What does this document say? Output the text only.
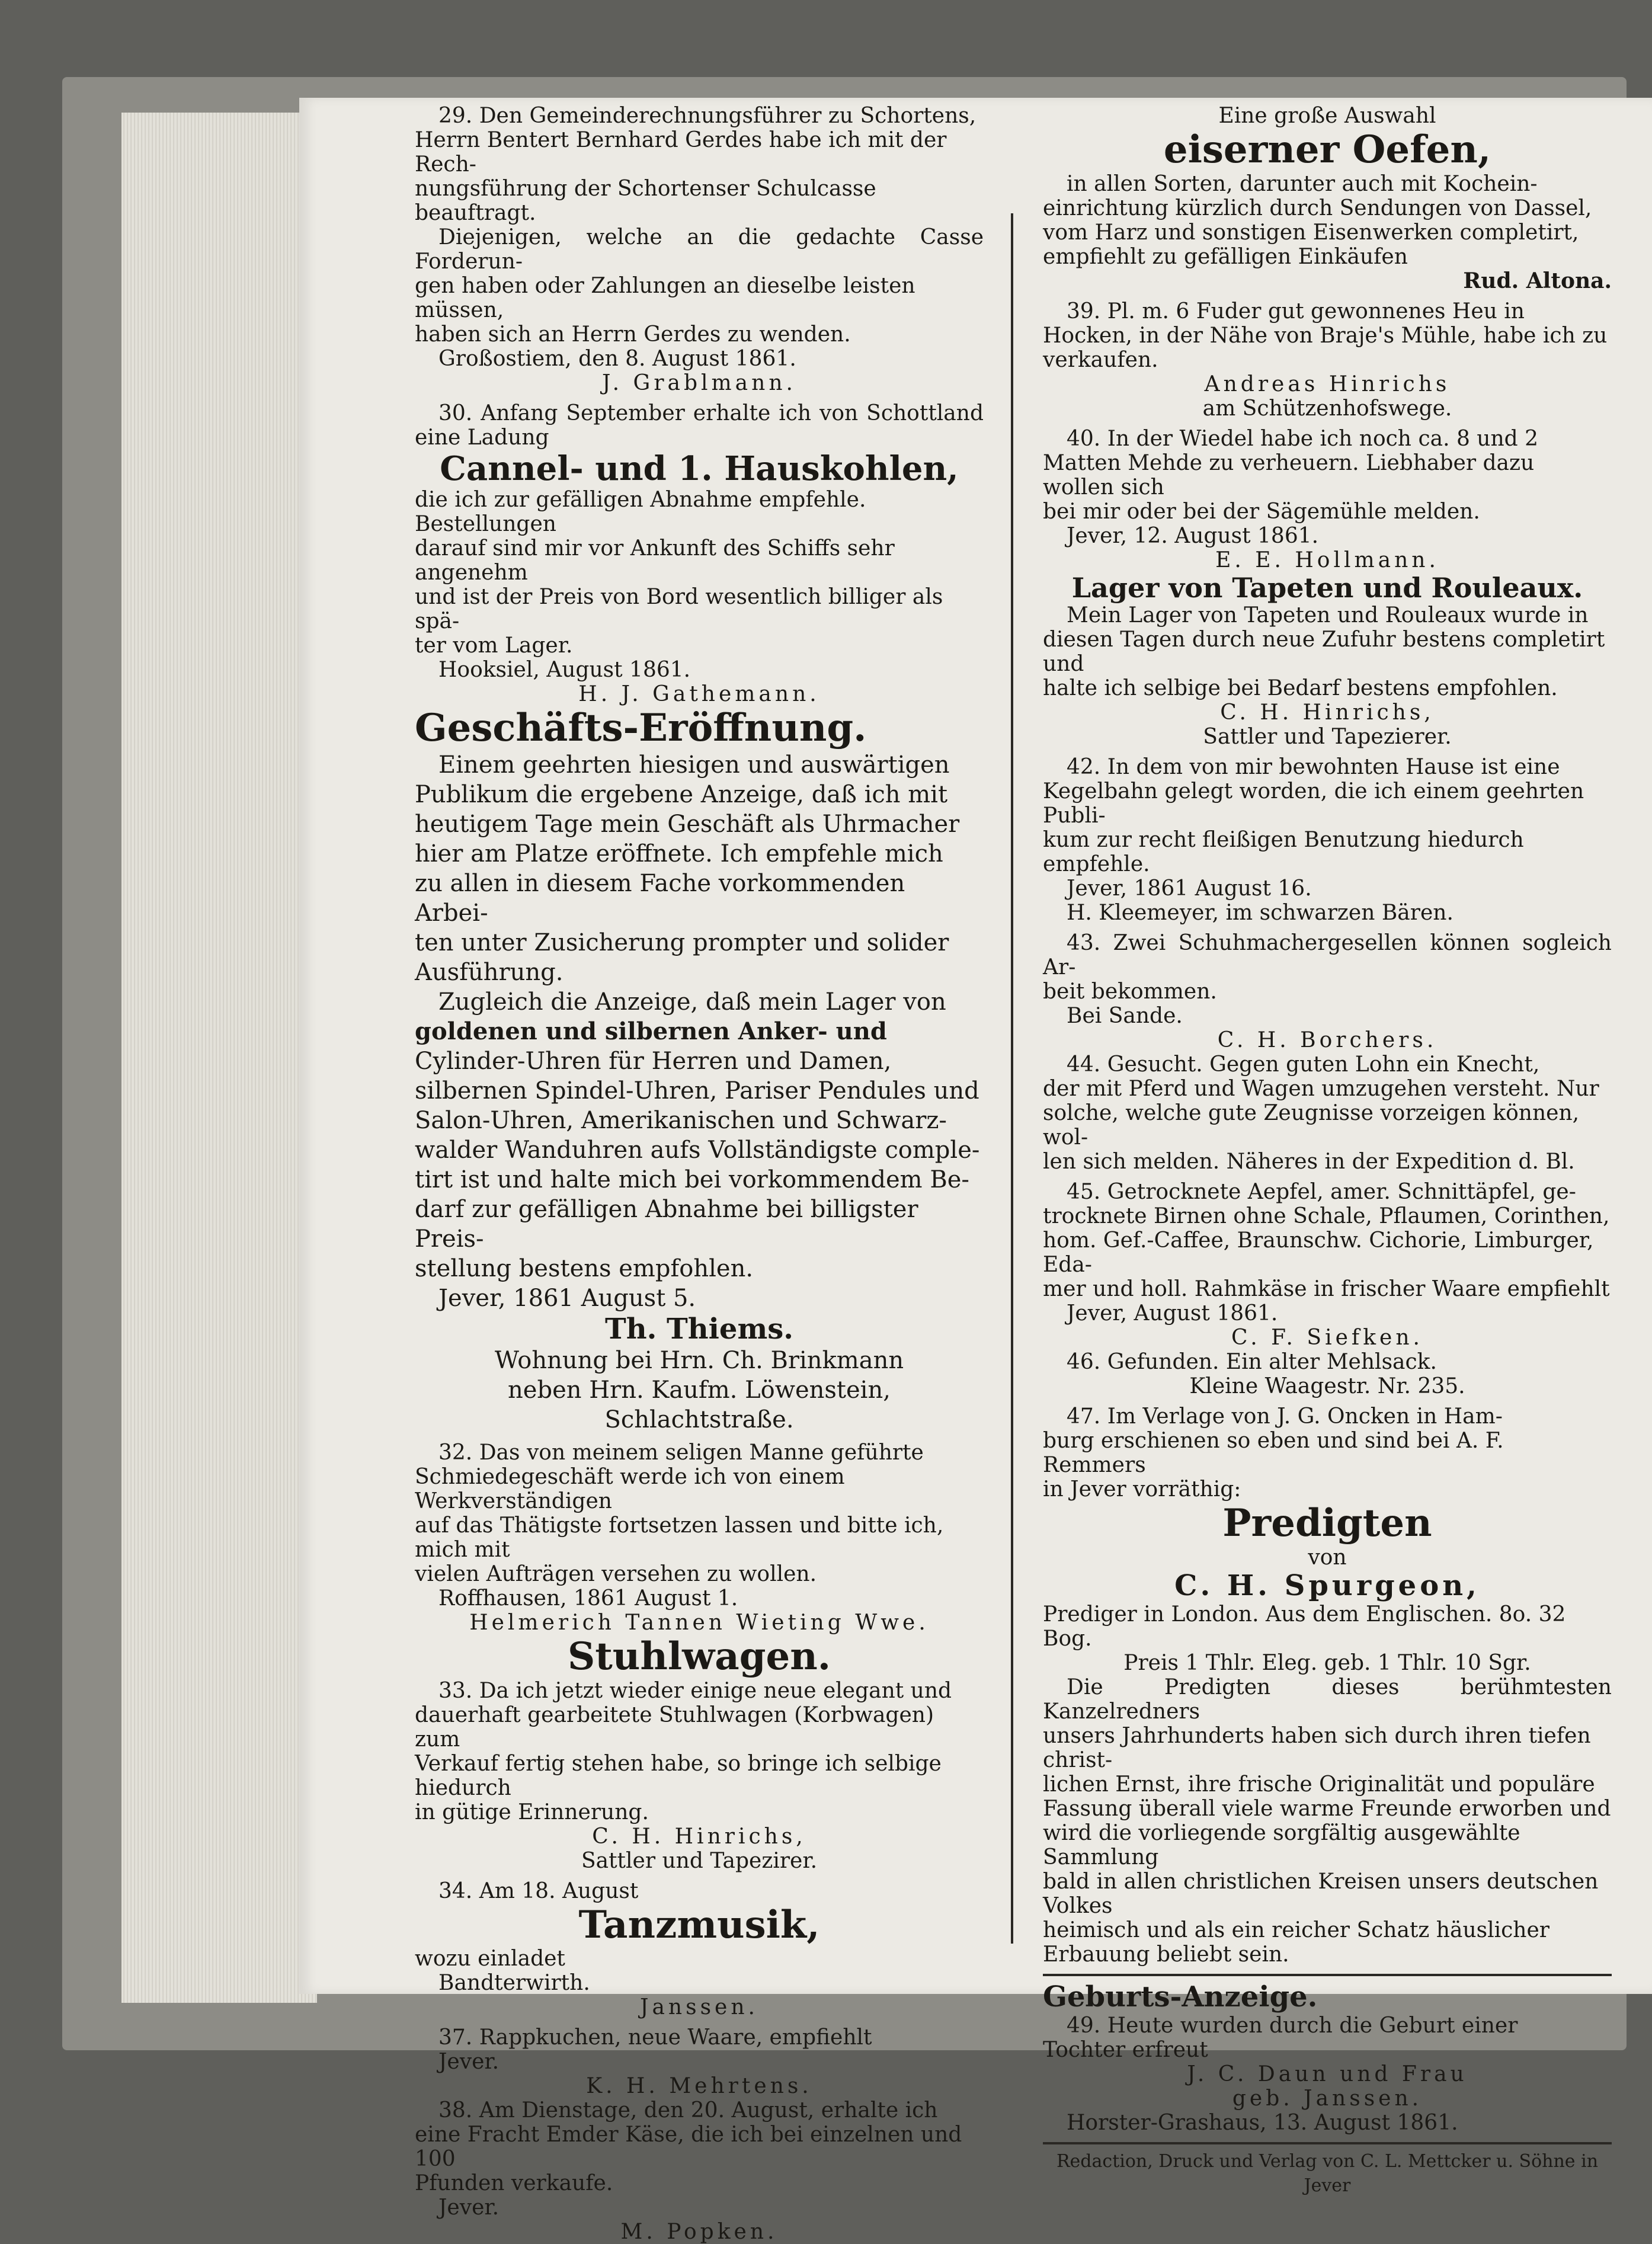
29. Den Gemeinderechnungsführer zu Schortens,

Herrn Bentert Bernhard Gerdes habe ich mit der Rech-

nungsführung der Schortenser Schulcasse beauftragt.

Diejenigen, welche an die gedachte Casse Forderun-

gen haben oder Zahlungen an dieselbe leisten müssen,

haben sich an Herrn Gerdes zu wenden.

Großostiem, den 8. August 1861.

J. Grablmann.

30. Anfang September erhalte ich von Schottland eine Ladung

Cannel- und 1. Hauskohlen,

die ich zur gefälligen Abnahme empfehle. Bestellungen

darauf sind mir vor Ankunft des Schiffs sehr angenehm

und ist der Preis von Bord wesentlich billiger als spä-

ter vom Lager.

Hooksiel, August 1861.

H. J. Gathemann.

Geschäfts-Eröffnung.

Einem geehrten hiesigen und auswärtigen

Publikum die ergebene Anzeige, daß ich mit

heutigem Tage mein Geschäft als Uhrmacher

hier am Platze eröffnete. Ich empfehle mich

zu allen in diesem Fache vorkommenden Arbei-

ten unter Zusicherung prompter und solider

Ausführung.

Zugleich die Anzeige, daß mein Lager von

goldenen und silbernen Anker- und

Cylinder-Uhren für Herren und Damen,

silbernen Spindel-Uhren, Pariser Pendules und

Salon-Uhren, Amerikanischen und Schwarz-

walder Wanduhren aufs Vollständigste comple-

tirt ist und halte mich bei vorkommendem Be-

darf zur gefälligen Abnahme bei billigster Preis-

stellung bestens empfohlen.

Jever, 1861 August 5.

Th. Thiems.

Wohnung bei Hrn. Ch. Brinkmann

neben Hrn. Kaufm. Löwenstein,

Schlachtstraße.

32. Das von meinem seligen Manne geführte

Schmiedegeschäft werde ich von einem Werkverständigen

auf das Thätigste fortsetzen lassen und bitte ich, mich mit

vielen Aufträgen versehen zu wollen.

Roffhausen, 1861 August 1.

Helmerich Tannen Wieting Wwe.

Stuhlwagen.

33. Da ich jetzt wieder einige neue elegant und

dauerhaft gearbeitete Stuhlwagen (Korbwagen) zum

Verkauf fertig stehen habe, so bringe ich selbige hiedurch

in gütige Erinnerung.

C. H. Hinrichs,

Sattler und Tapezirer.

34. Am 18. August

Tanzmusik,

wozu einladet

Bandterwirth.

Janssen.

37. Rappkuchen, neue Waare, empfiehlt

Jever.

K. H. Mehrtens.

38. Am Dienstage, den 20. August, erhalte ich

eine Fracht Emder Käse, die ich bei einzelnen und 100

Pfunden verkaufe.

Jever.

M. Popken.

Eine große Auswahl

eiserner Oefen,

in allen Sorten, darunter auch mit Kochein-

einrichtung kürzlich durch Sendungen von Dassel,

vom Harz und sonstigen Eisenwerken completirt,

empfiehlt zu gefälligen Einkäufen

Rud. Altona.

39. Pl. m. 6 Fuder gut gewonnenes Heu in

Hocken, in der Nähe von Braje's Mühle, habe ich zu

verkaufen.

Andreas Hinrichs

am Schützenhofswege.

40. In der Wiedel habe ich noch ca. 8 und 2

Matten Mehde zu verheuern. Liebhaber dazu wollen sich

bei mir oder bei der Sägemühle melden.

Jever, 12. August 1861.

E. E. Hollmann.

Lager von Tapeten und Rouleaux.

Mein Lager von Tapeten und Rouleaux wurde in

diesen Tagen durch neue Zufuhr bestens completirt und

halte ich selbige bei Bedarf bestens empfohlen.

C. H. Hinrichs,

Sattler und Tapezierer.

42. In dem von mir bewohnten Hause ist eine

Kegelbahn gelegt worden, die ich einem geehrten Publi-

kum zur recht fleißigen Benutzung hiedurch empfehle.

Jever, 1861 August 16.

H. Kleemeyer, im schwarzen Bären.

43. Zwei Schuhmachergesellen können sogleich Ar-

beit bekommen.

Bei Sande.

C. H. Borchers.

44. Gesucht. Gegen guten Lohn ein Knecht,

der mit Pferd und Wagen umzugehen versteht. Nur

solche, welche gute Zeugnisse vorzeigen können, wol-

len sich melden. Näheres in der Expedition d. Bl.

45. Getrocknete Aepfel, amer. Schnittäpfel, ge-

trocknete Birnen ohne Schale, Pflaumen, Corinthen,

hom. Gef.-Caffee, Braunschw. Cichorie, Limburger, Eda-

mer und holl. Rahmkäse in frischer Waare empfiehlt

Jever, August 1861.

C. F. Siefken.

46. Gefunden. Ein alter Mehlsack.

Kleine Waagestr. Nr. 235.

47. Im Verlage von J. G. Oncken in Ham-

burg erschienen so eben und sind bei A. F. Remmers

in Jever vorräthig:

Predigten

von

C. H. Spurgeon,

Prediger in London. Aus dem Englischen. 8o. 32 Bog.

Preis 1 Thlr. Eleg. geb. 1 Thlr. 10 Sgr.

Die Predigten dieses berühmtesten Kanzelredners

unsers Jahrhunderts haben sich durch ihren tiefen christ-

lichen Ernst, ihre frische Originalität und populäre

Fassung überall viele warme Freunde erworben und

wird die vorliegende sorgfältig ausgewählte Sammlung

bald in allen christlichen Kreisen unsers deutschen Volkes

heimisch und als ein reicher Schatz häuslicher

Erbauung beliebt sein.

Geburts-Anzeige.

49. Heute wurden durch die Geburt einer

Tochter erfreut

J. C. Daun und Frau

geb. Janssen.

Horster-Grashaus, 13. August 1861.

Redaction, Druck und Verlag von C. L. Mettcker u. Söhne in Jever
